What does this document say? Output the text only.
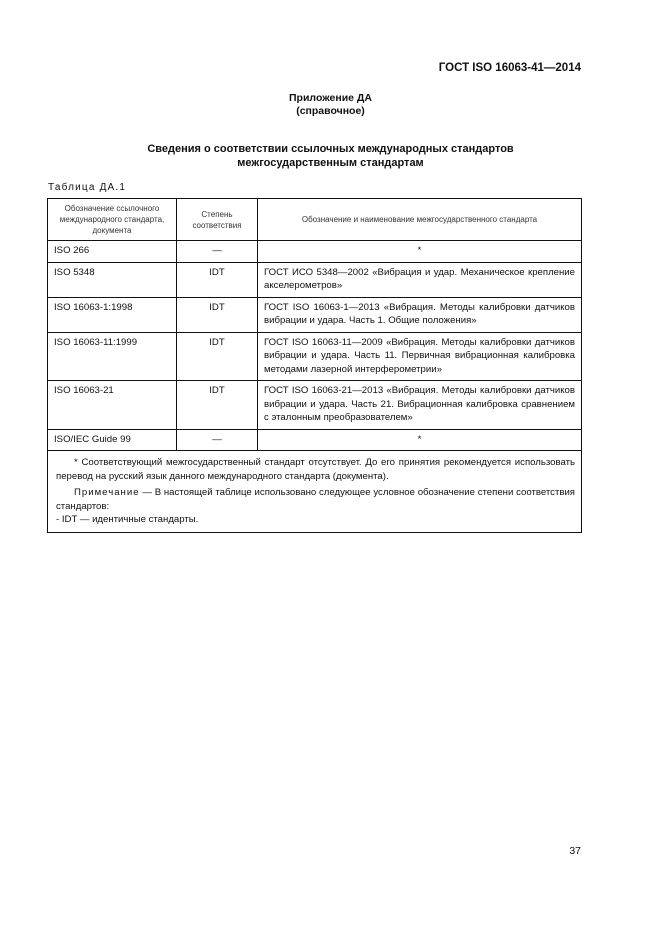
ГОСТ ISO 16063-41—2014
Приложение ДА
(справочное)
Сведения о соответствии ссылочных международных стандартов
межгосударственным стандартам
Таблица ДА.1
Обозначение ссылочного международного стандарта, документа	Степень соответствия	Обозначение и наименование межгосударственного стандарта
ISO 266	—	*
ISO 5348	IDT	ГОСТ ИСО 5348—2002 «Вибрация и удар. Механическое крепление акселерометров»
ISO 16063-1:1998	IDT	ГОСТ ISO 16063-1—2013 «Вибрация. Методы калибровки датчиков вибрации и удара. Часть 1. Общие положения»
ISO 16063-11:1999	IDT	ГОСТ ISO 16063-11—2009 «Вибрация. Методы калибровки датчиков вибрации и удара. Часть 11. Первичная вибрационная калибровка методами лазерной интерферометрии»
ISO 16063-21	IDT	ГОСТ ISO 16063-21—2013 «Вибрация. Методы калибровки датчиков вибрации и удара. Часть 21. Вибрационная калибровка сравнением с эталонным преобразователем»
ISO/IEC Guide 99	—	*

* Соответствующий межгосударственный стандарт отсутствует. До его принятия рекомендуется использовать перевод на русский язык данного международного стандарта (документа).

Примечание — В настоящей таблице использовано следующее условное обозначение степени соответствия стандартов:

- IDT — идентичные стандарты.		

37
